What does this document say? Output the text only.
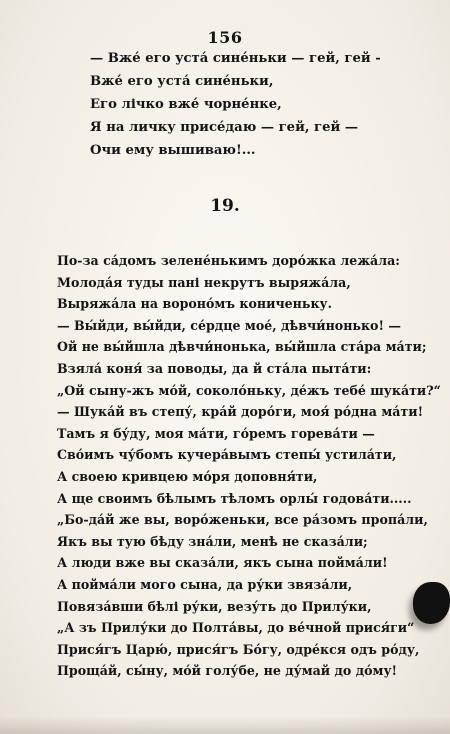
156
— Вже́ его уста́ сине́ньки — гей, гей -
Вже́ его уста́ сине́ньки,
Его лічко вже́ чорне́нке,
Я на личку присе́даю — гей, гей —
Очи ему вышиваю!...
19.
По-за са́домъ зелене́нькимъ доро́жка лежа́ла:
Молода́я туды пані некрутъ выряжа́ла,
Выряжа́ла на вороно́мъ кониченьку.
— Вы́йди, вы́йди, се́рдце мое́, дѣвчи́нонько! —
Ой не вы́йшла дѣвчи́нонька, вы́йшла ста́ра ма́ти;
Взяла́ коня́ за поводы, да й ста́ла пыта́ти:
„Ой сыну-жъ мо́й, соколо́ньку, де́жъ тебе́ шука́ти?“
— Шука́й въ степу́, кра́й доро́ги, моя́ ро́дна ма́ти!
Тамъ я бу́ду, моя ма́ти, го́ремъ горева́ти —
Сво́имъ чу́бомъ кучера́вымъ степы́ устила́ти,
А своею кривцею мо́ря доповня́ти,
А ще своимъ бѣлымъ тѣломъ орлы́ годова́ти.....
„Бо-да́й же вы, воро́женьки, все ра́зомъ пропа́ли,
Якъ вы тую бѣду зна́ли, менѣ не сказа́ли;
А люди вже вы сказа́ли, якъ сына пойма́ли!
А пойма́ли мого сына, да ру́ки звяза́ли,
Повяза́вши бѣлі ру́ки, везу́ть до Прилу́ки,
„А зъ Прилу́ки до Полта́вы, до ве́чной прися́ги“
Прися́гъ Царю́, прися́гъ Бо́гу, одре́кся одъ ро́ду,
Проща́й, сы́ну, мо́й голу́бе, не ду́май до до́му!
